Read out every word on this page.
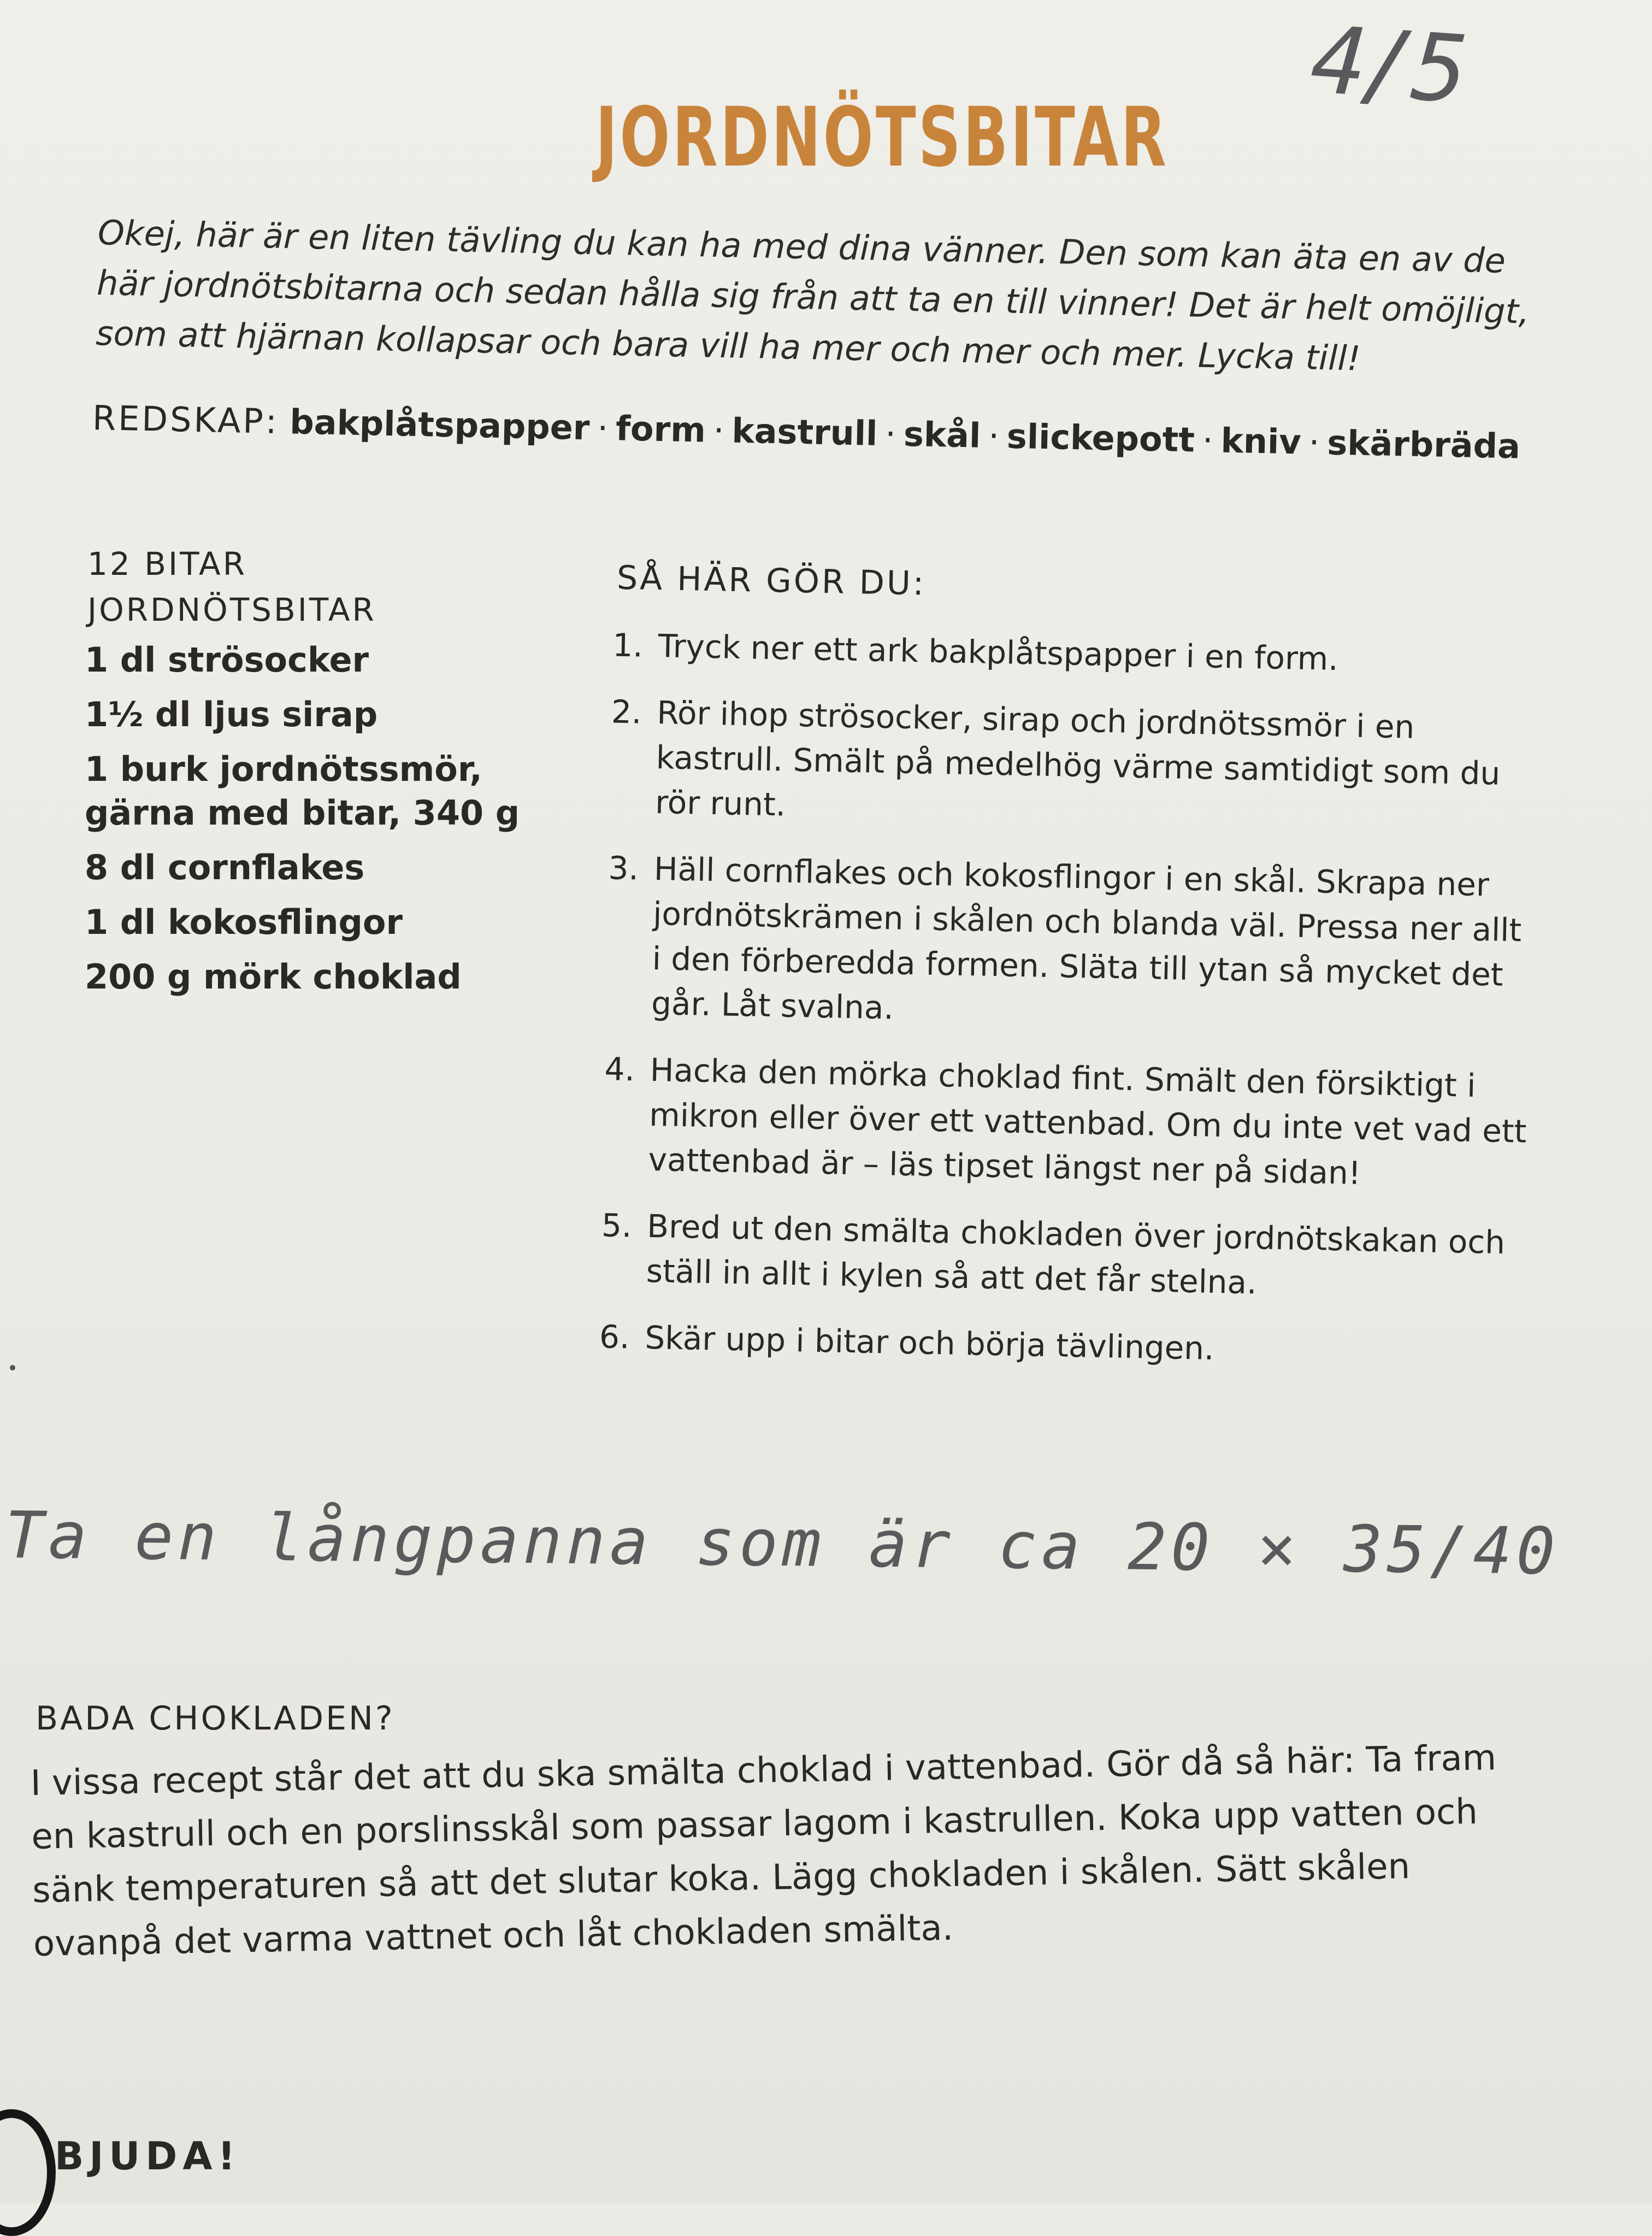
4/5
JORDNÖTSBITAR
Okej, här är en liten tävling du kan ha med dina vänner. Den som kan äta en av de här jordnötsbitarna och sedan hålla sig från att ta en till vinner! Det är helt omöjligt, som att hjärnan kollapsar och bara vill ha mer och mer och mer. Lycka till!
REDSKAP: bakplåtspapper · form · kastrull · skål · slickepott · kniv · skärbräda
12 BITAR
JORDNÖTSBITAR
1 dl strösocker
1½ dl ljus sirap
1 burk jordnötssmör, gärna med bitar, 340 g
8 dl cornflakes
1 dl kokosflingor
200 g mörk choklad
SÅ HÄR GÖR DU:
1. Tryck ner ett ark bakplåtspapper i en form.
2. Rör ihop strösocker, sirap och jordnötssmör i en kastrull. Smält på medelhög värme samtidigt som du rör runt.
3. Häll cornflakes och kokosflingor i en skål. Skrapa ner jordnötskrämen i skålen och blanda väl. Pressa ner allt i den förberedda formen. Släta till ytan så mycket det går. Låt svalna.
4. Hacka den mörka choklad fint. Smält den försiktigt i mikron eller över ett vattenbad. Om du inte vet vad ett vattenbad är – läs tipset längst ner på sidan!
5. Bred ut den smälta chokladen över jordnötskakan och ställ in allt i kylen så att det får stelna.
6. Skär upp i bitar och börja tävlingen.
Ta en långpanna som är ca 20 × 35/40
BADA CHOKLADEN?
I vissa recept står det att du ska smälta choklad i vattenbad. Gör då så här: Ta fram en kastrull och en porslinsskål som passar lagom i kastrullen. Koka upp vatten och sänk temperaturen så att det slutar koka. Lägg chokladen i skålen. Sätt skålen ovanpå det varma vattnet och låt chokladen smälta.
BJUDA!
